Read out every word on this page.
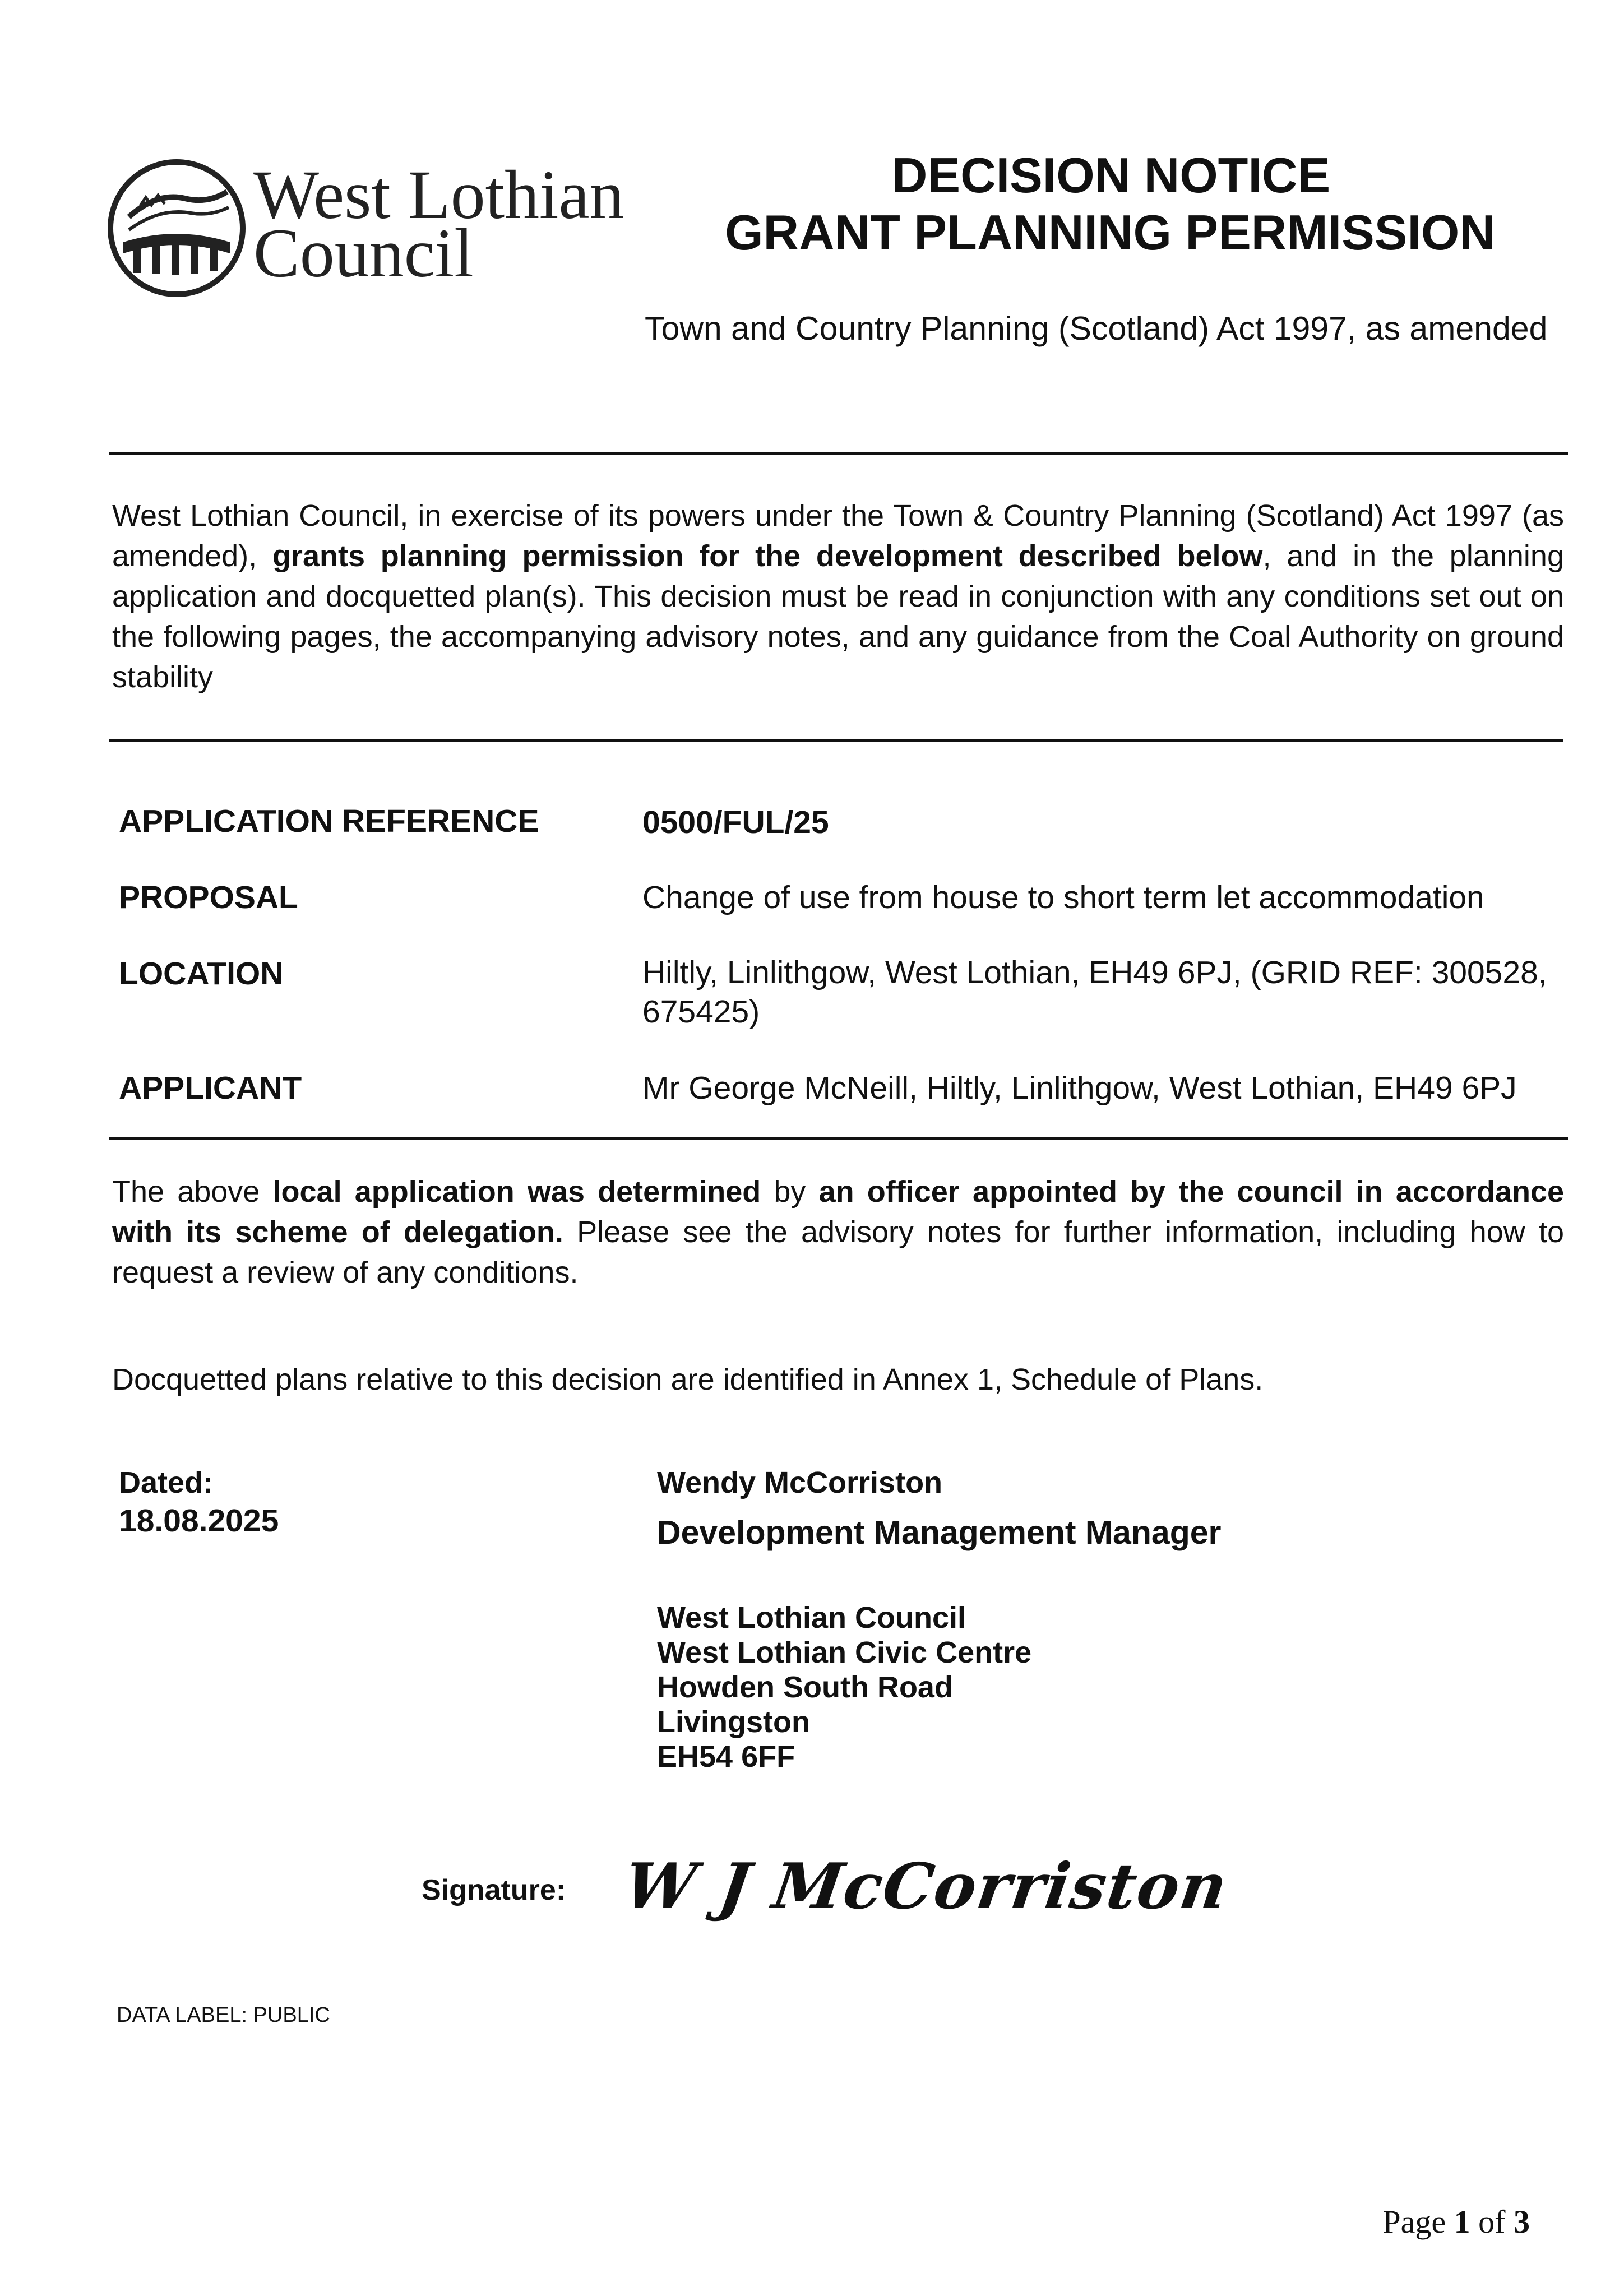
West Lothian
Council
DECISION NOTICE
GRANT PLANNING PERMISSION
Town and Country Planning (Scotland) Act 1997, as amended
West Lothian Council, in exercise of its powers under the Town & Country Planning (Scotland) Act 1997 (as amended), grants planning permission for the development described below, and in the planning application and docquetted plan(s). This decision must be read in conjunction with any conditions set out on the following pages, the accompanying advisory notes, and any guidance from the Coal Authority on ground stability
APPLICATION REFERENCE	0500/FUL/25
PROPOSAL	Change of use from house to short term let accommodation
LOCATION	Hiltly, Linlithgow, West Lothian, EH49 6PJ, (GRID REF: 300528, 675425)
APPLICANT	Mr George McNeill, Hiltly, Linlithgow, West Lothian, EH49 6PJ
The above local application was determined by an officer appointed by the council in accordance with its scheme of delegation. Please see the advisory notes for further information, including how to request a review of any conditions.
Docquetted plans relative to this decision are identified in Annex 1, Schedule of Plans.
Dated:
18.08.2025
Wendy McCorriston
Development Management Manager
West Lothian Council
West Lothian Civic Centre
Howden South Road
Livingston
EH54 6FF
Signature: W J McCorriston
DATA LABEL: PUBLIC
Page 1 of 3
